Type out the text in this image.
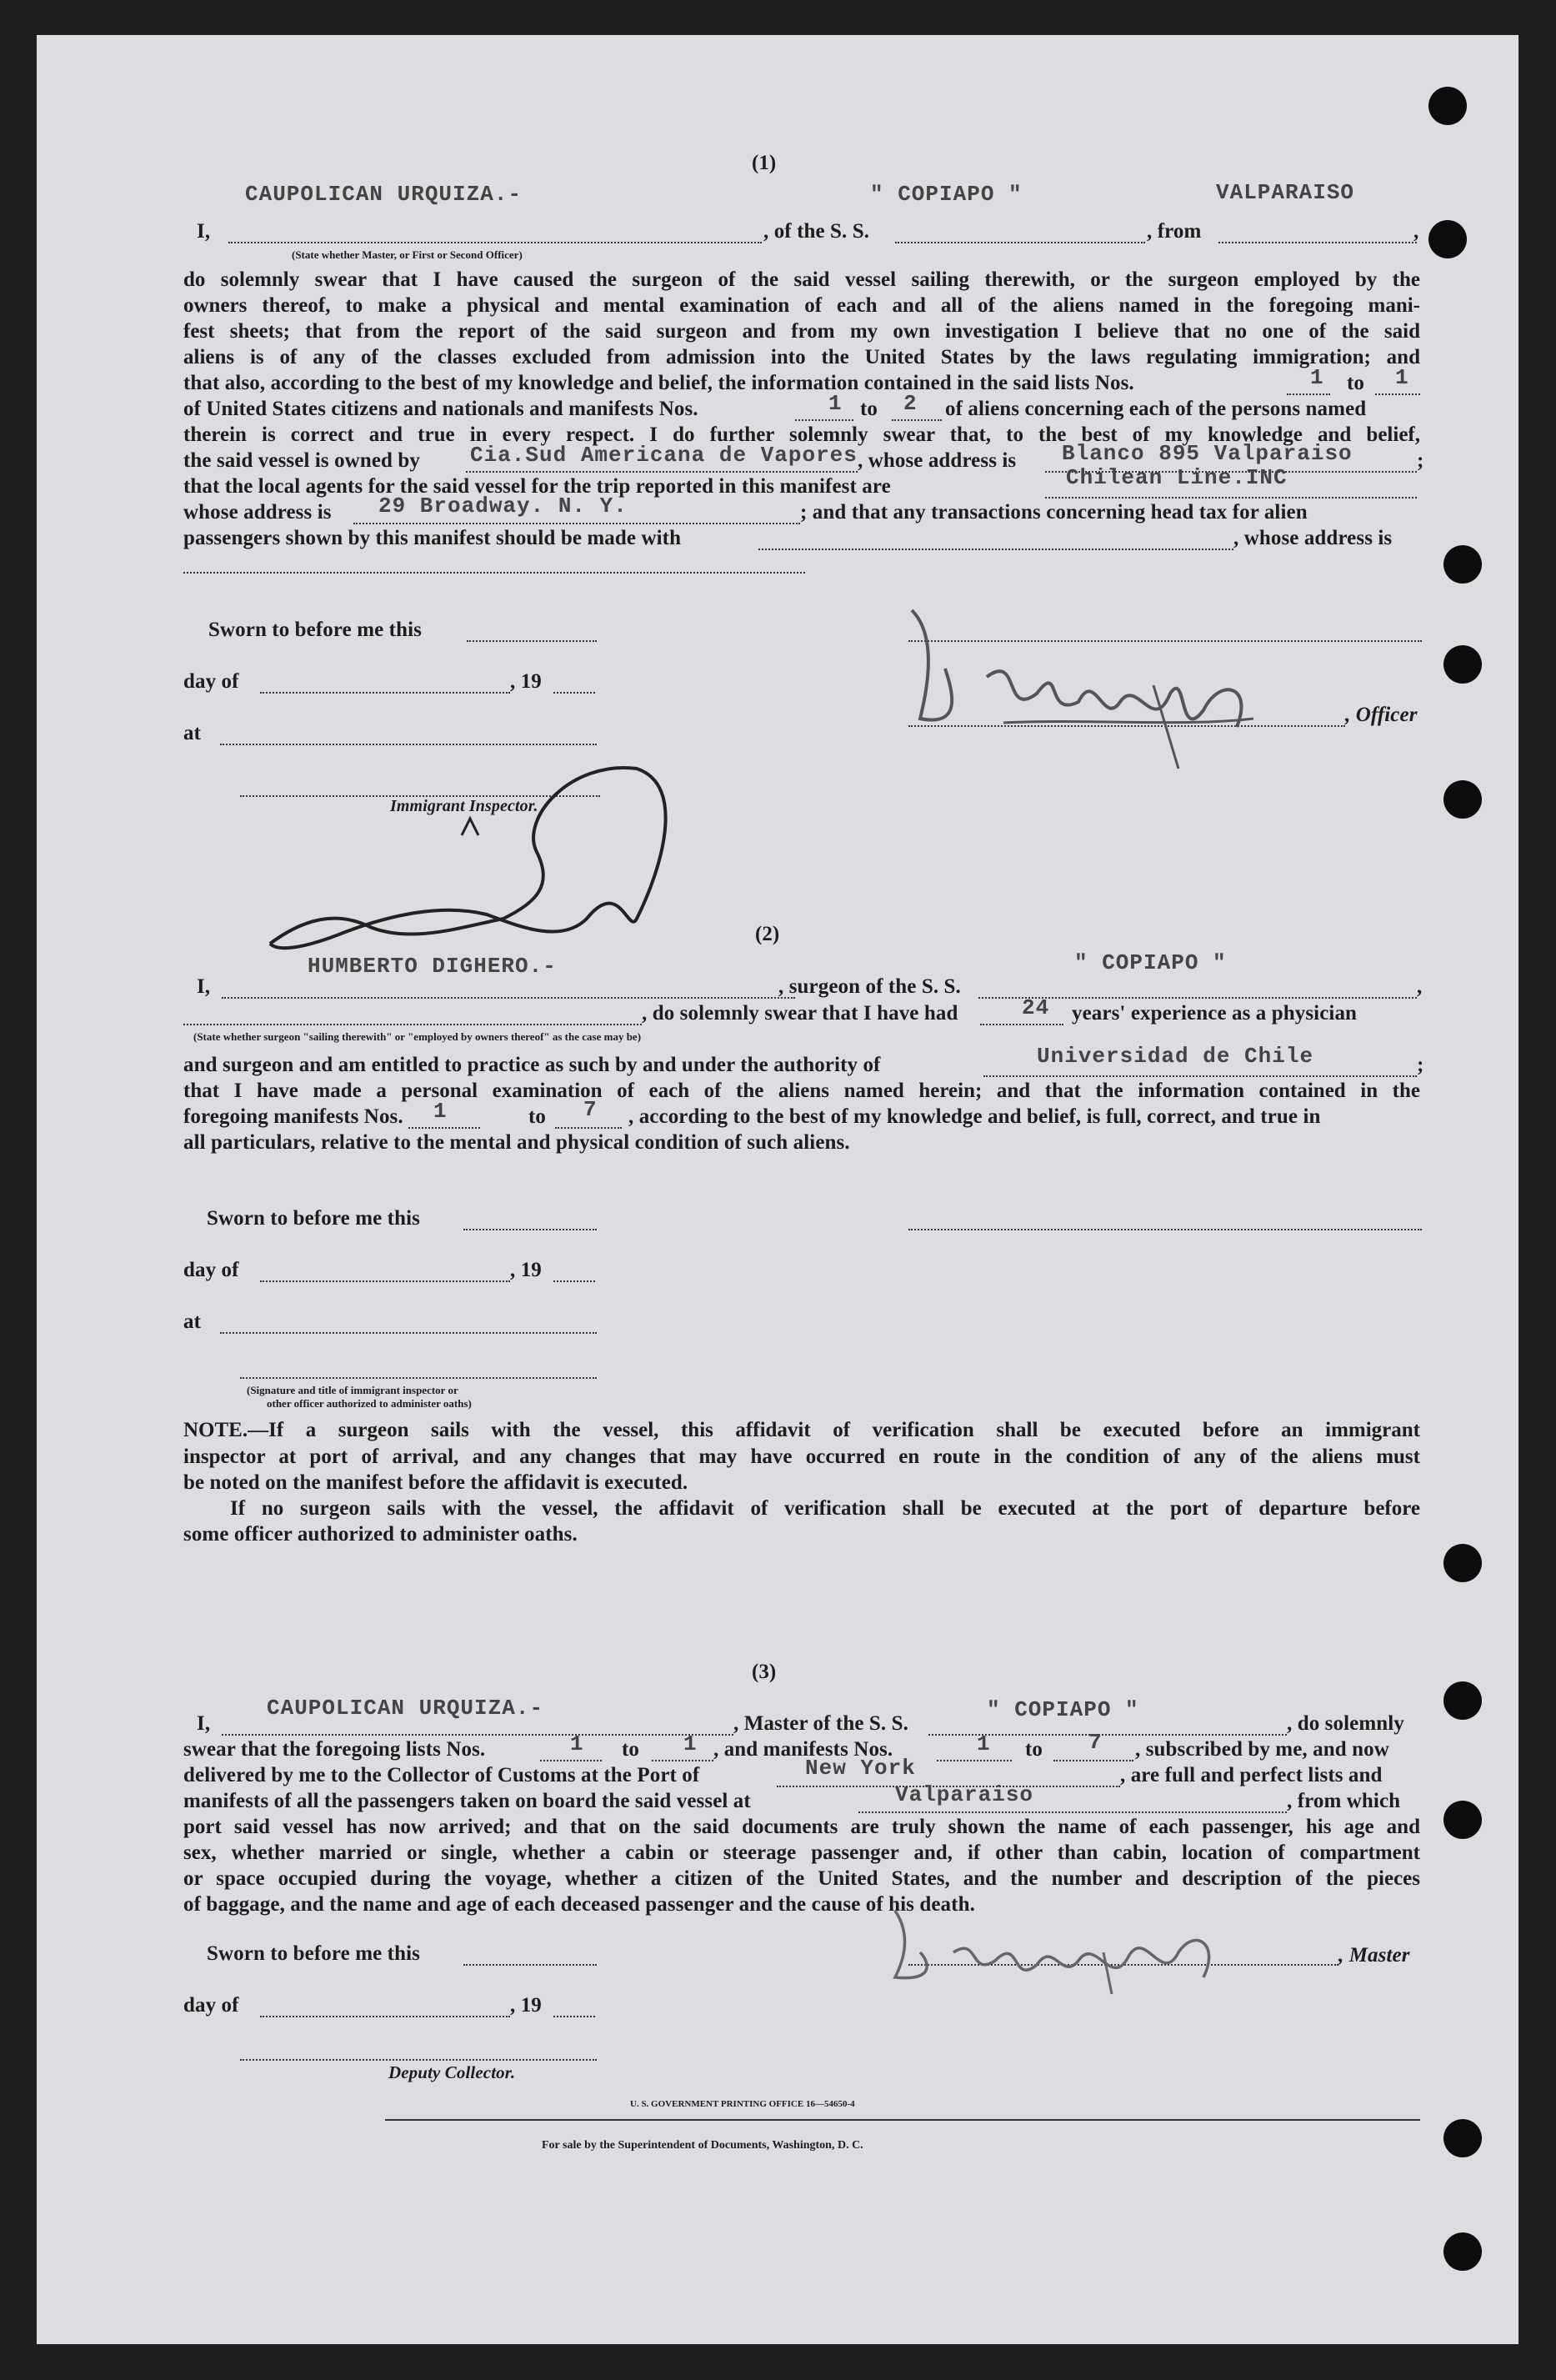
(1)
I,
CAUPOLICAN URQUIZA.-
, of the S. S.
" COPIAPO "
, from
VALPARAISO
,
(State whether Master, or First or Second Officer)
do solemnly swear that I have caused the surgeon of the said vessel sailing therewith, or the surgeon employed by the
owners thereof, to make a physical and mental examination of each and all of the aliens named in the foregoing mani-
fest sheets; that from the report of the said surgeon and from my own investigation I believe that no one of the said
aliens is of any of the classes excluded from admission into the United States by the laws regulating immigration; and
that also, according to the best of my knowledge and belief, the information contained in the said lists Nos.	1 to 1
of United States citizens and nationals and manifests Nos.	1 to 2 of aliens concerning each of the persons named
therein is correct and true in every respect. I do further solemnly swear that, to the best of my knowledge and belief,
the said vessel is owned by Cia.Sud Americana de Vapores , whose address is Blanco 895 Valparaiso	;
that the local agents for the said vessel for the trip reported in this manifest are	Chilean Line.INC
whose address is 29 Broadway. N. Y.	; and that any transactions concerning head tax for alien
passengers shown by this manifest should be made with	, whose address is
Sworn to before me this
day of	, 19
, Officer
at
Immigrant Inspector.
(2)
I,
HUMBERTO DIGHERO.-
, surgeon of the S. S.
" COPIAPO "
,
, do solemnly swear that I have had	24 years' experience as a physician
(State whether surgeon "sailing therewith" or "employed by owners thereof" as the case may be)
and surgeon and am entitled to practice as such by and under the authority of	Universidad de Chile	;
that I have made a personal examination of each of the aliens named herein; and that the information contained in the
foregoing manifests Nos. 1	to 7 , according to the best of my knowledge and belief, is full, correct, and true in
all particulars, relative to the mental and physical condition of such aliens.
Sworn to before me this
day of	, 19
at
(Signature and title of immigrant inspector or
other officer authorized to administer oaths)
NOTE.—If a surgeon sails with the vessel, this affidavit of verification shall be executed before an immigrant
inspector at port of arrival, and any changes that may have occurred en route in the condition of any of the aliens must
be noted on the manifest before the affidavit is executed.
If no surgeon sails with the vessel, the affidavit of verification shall be executed at the port of departure before
some officer authorized to administer oaths.
(3)
I,
CAUPOLICAN URQUIZA.-
, Master of the S. S.
" COPIAPO "
, do solemnly
swear that the foregoing lists Nos.	1 to 1 , and manifests Nos.	1 to 7 , subscribed by me, and now
delivered by me to the Collector of Customs at the Port of	New York	, are full and perfect lists and
manifests of all the passengers taken on board the said vessel at	Valparaiso	, from which
port said vessel has now arrived; and that on the said documents are truly shown the name of each passenger, his age and
sex, whether married or single, whether a cabin or steerage passenger and, if other than cabin, location of compartment
or space occupied during the voyage, whether a citizen of the United States, and the number and description of the pieces
of baggage, and the name and age of each deceased passenger and the cause of his death.
Sworn to before me this	, Master
day of	, 19
Deputy Collector.
U. S. GOVERNMENT PRINTING OFFICE 16—54650-4
For sale by the Superintendent of Documents, Washington, D. C.
